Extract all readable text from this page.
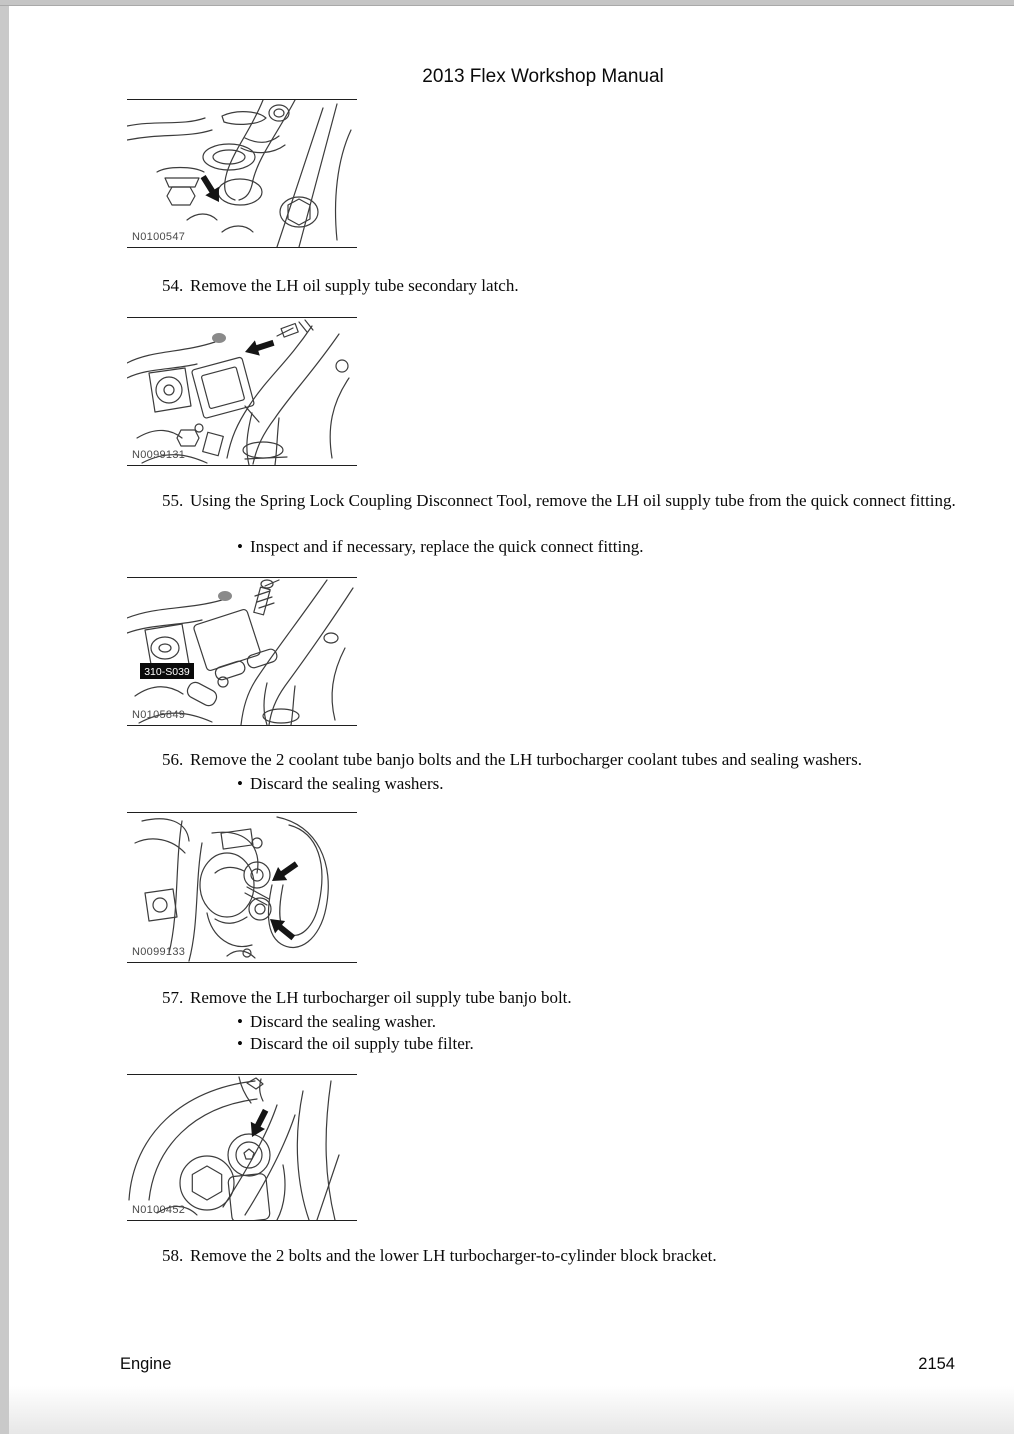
2013 Flex Workshop Manual
N0100547
54. Remove the LH oil supply tube secondary latch.
N0099131
55. Using the Spring Lock Coupling Disconnect Tool, remove the LH oil supply tube from the quick connect fitting.
• Inspect and if necessary, replace the quick connect fitting.
310-S039
N0105849
56. Remove the 2 coolant tube banjo bolts and the LH turbocharger coolant tubes and sealing washers.
• Discard the sealing washers.
N0099133
57. Remove the LH turbocharger oil supply tube banjo bolt.
• Discard the sealing washer.
• Discard the oil supply tube filter.
N0100452
58. Remove the 2 bolts and the lower LH turbocharger-to-cylinder block bracket.
Engine	2154
